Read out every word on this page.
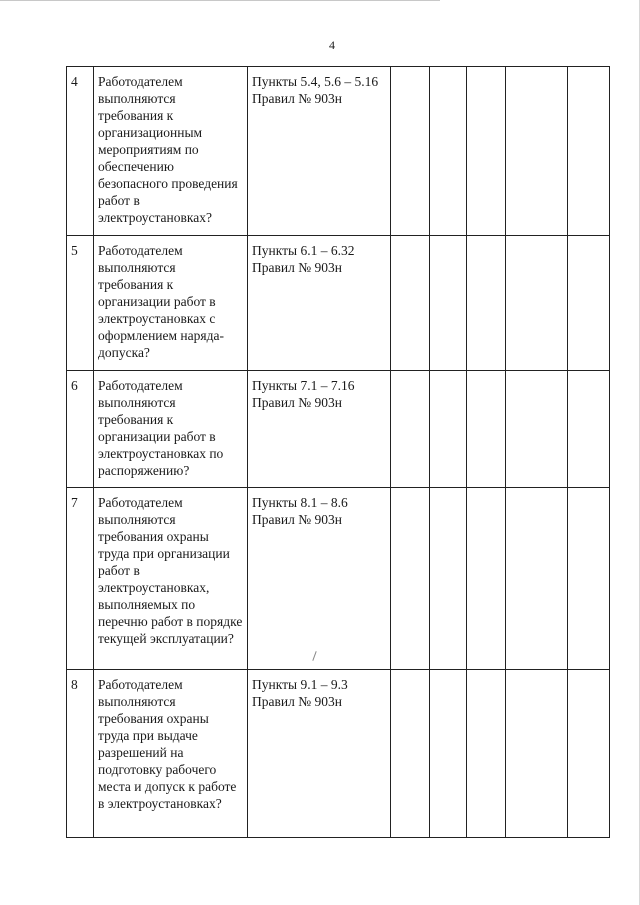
4
4	Работодателем выполняются требования к организационным мероприятиям по обеспечению безопасного проведения работ в электроустановках?	Пункты 5.4, 5.6 – 5.16 Правил № 903н					
5	Работодателем выполняются требования к организации работ в электроустановках с оформлением наряда-допуска?	Пункты 6.1 – 6.32 Правил № 903н					
6	Работодателем выполняются требования к организации работ в электроустановках по распоряжению?	Пункты 7.1 – 7.16 Правил № 903н					
7	Работодателем выполняются требования охраны труда при организации работ в электроустановках, выполняемых по перечню работ в порядке текущей эксплуатации?	Пункты 8.1 – 8.6 Правил № 903н					
8	Работодателем выполняются требования охраны труда при выдаче разрешений на подготовку рабочего места и допуск к работе в электроустановках?	Пункты 9.1 – 9.3 Правил № 903н					
